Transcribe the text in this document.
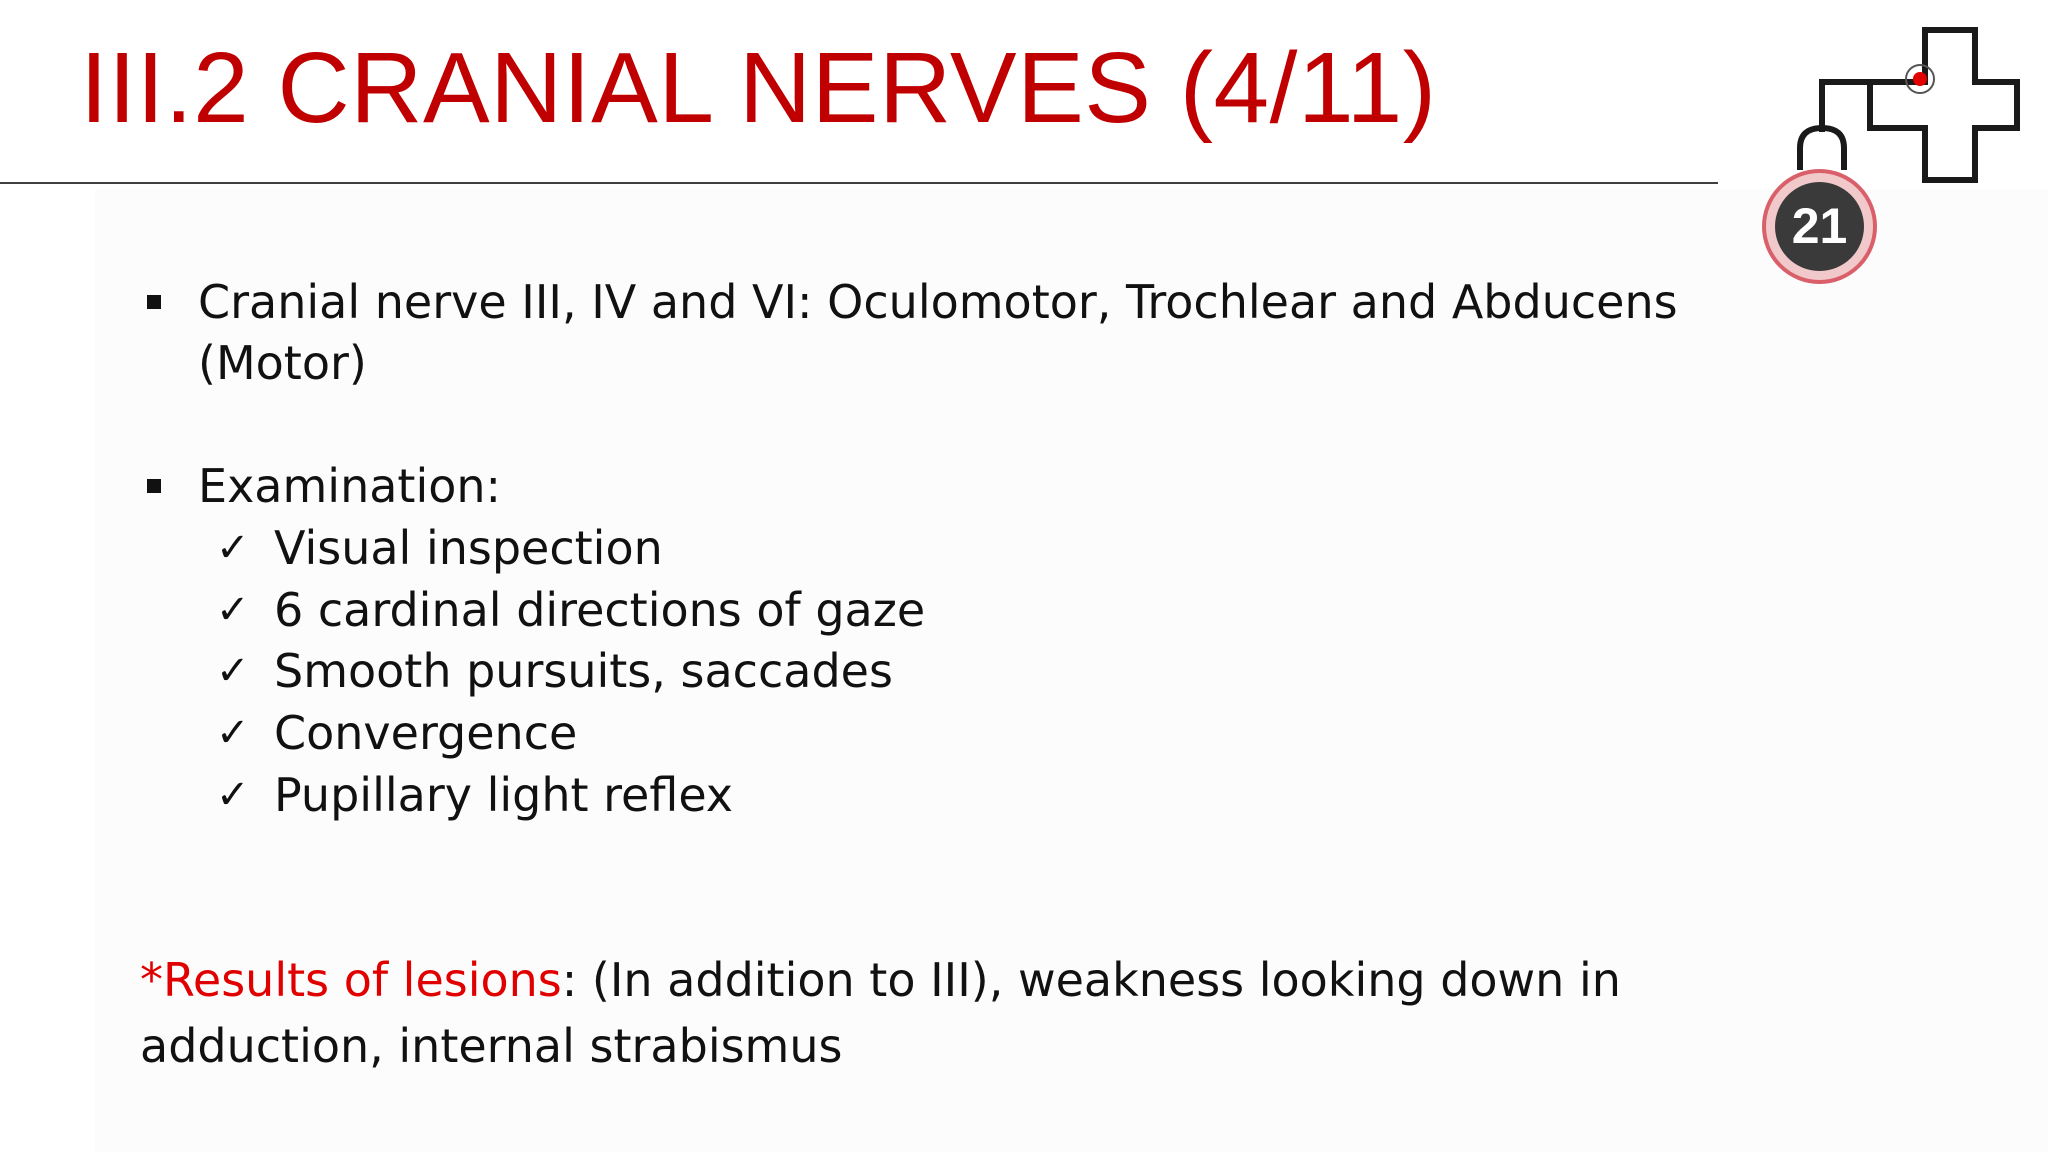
III.2 CRANIAL NERVES (4/11)
21
Cranial nerve III, IV and VI: Oculomotor, Trochlear and Abducens
(Motor)
Examination:
✓ Visual inspection
✓ 6 cardinal directions of gaze
✓ Smooth pursuits, saccades
✓ Convergence
✓ Pupillary light reflex
*Results of lesions: (In addition to III), weakness looking down in adduction, internal strabismus
